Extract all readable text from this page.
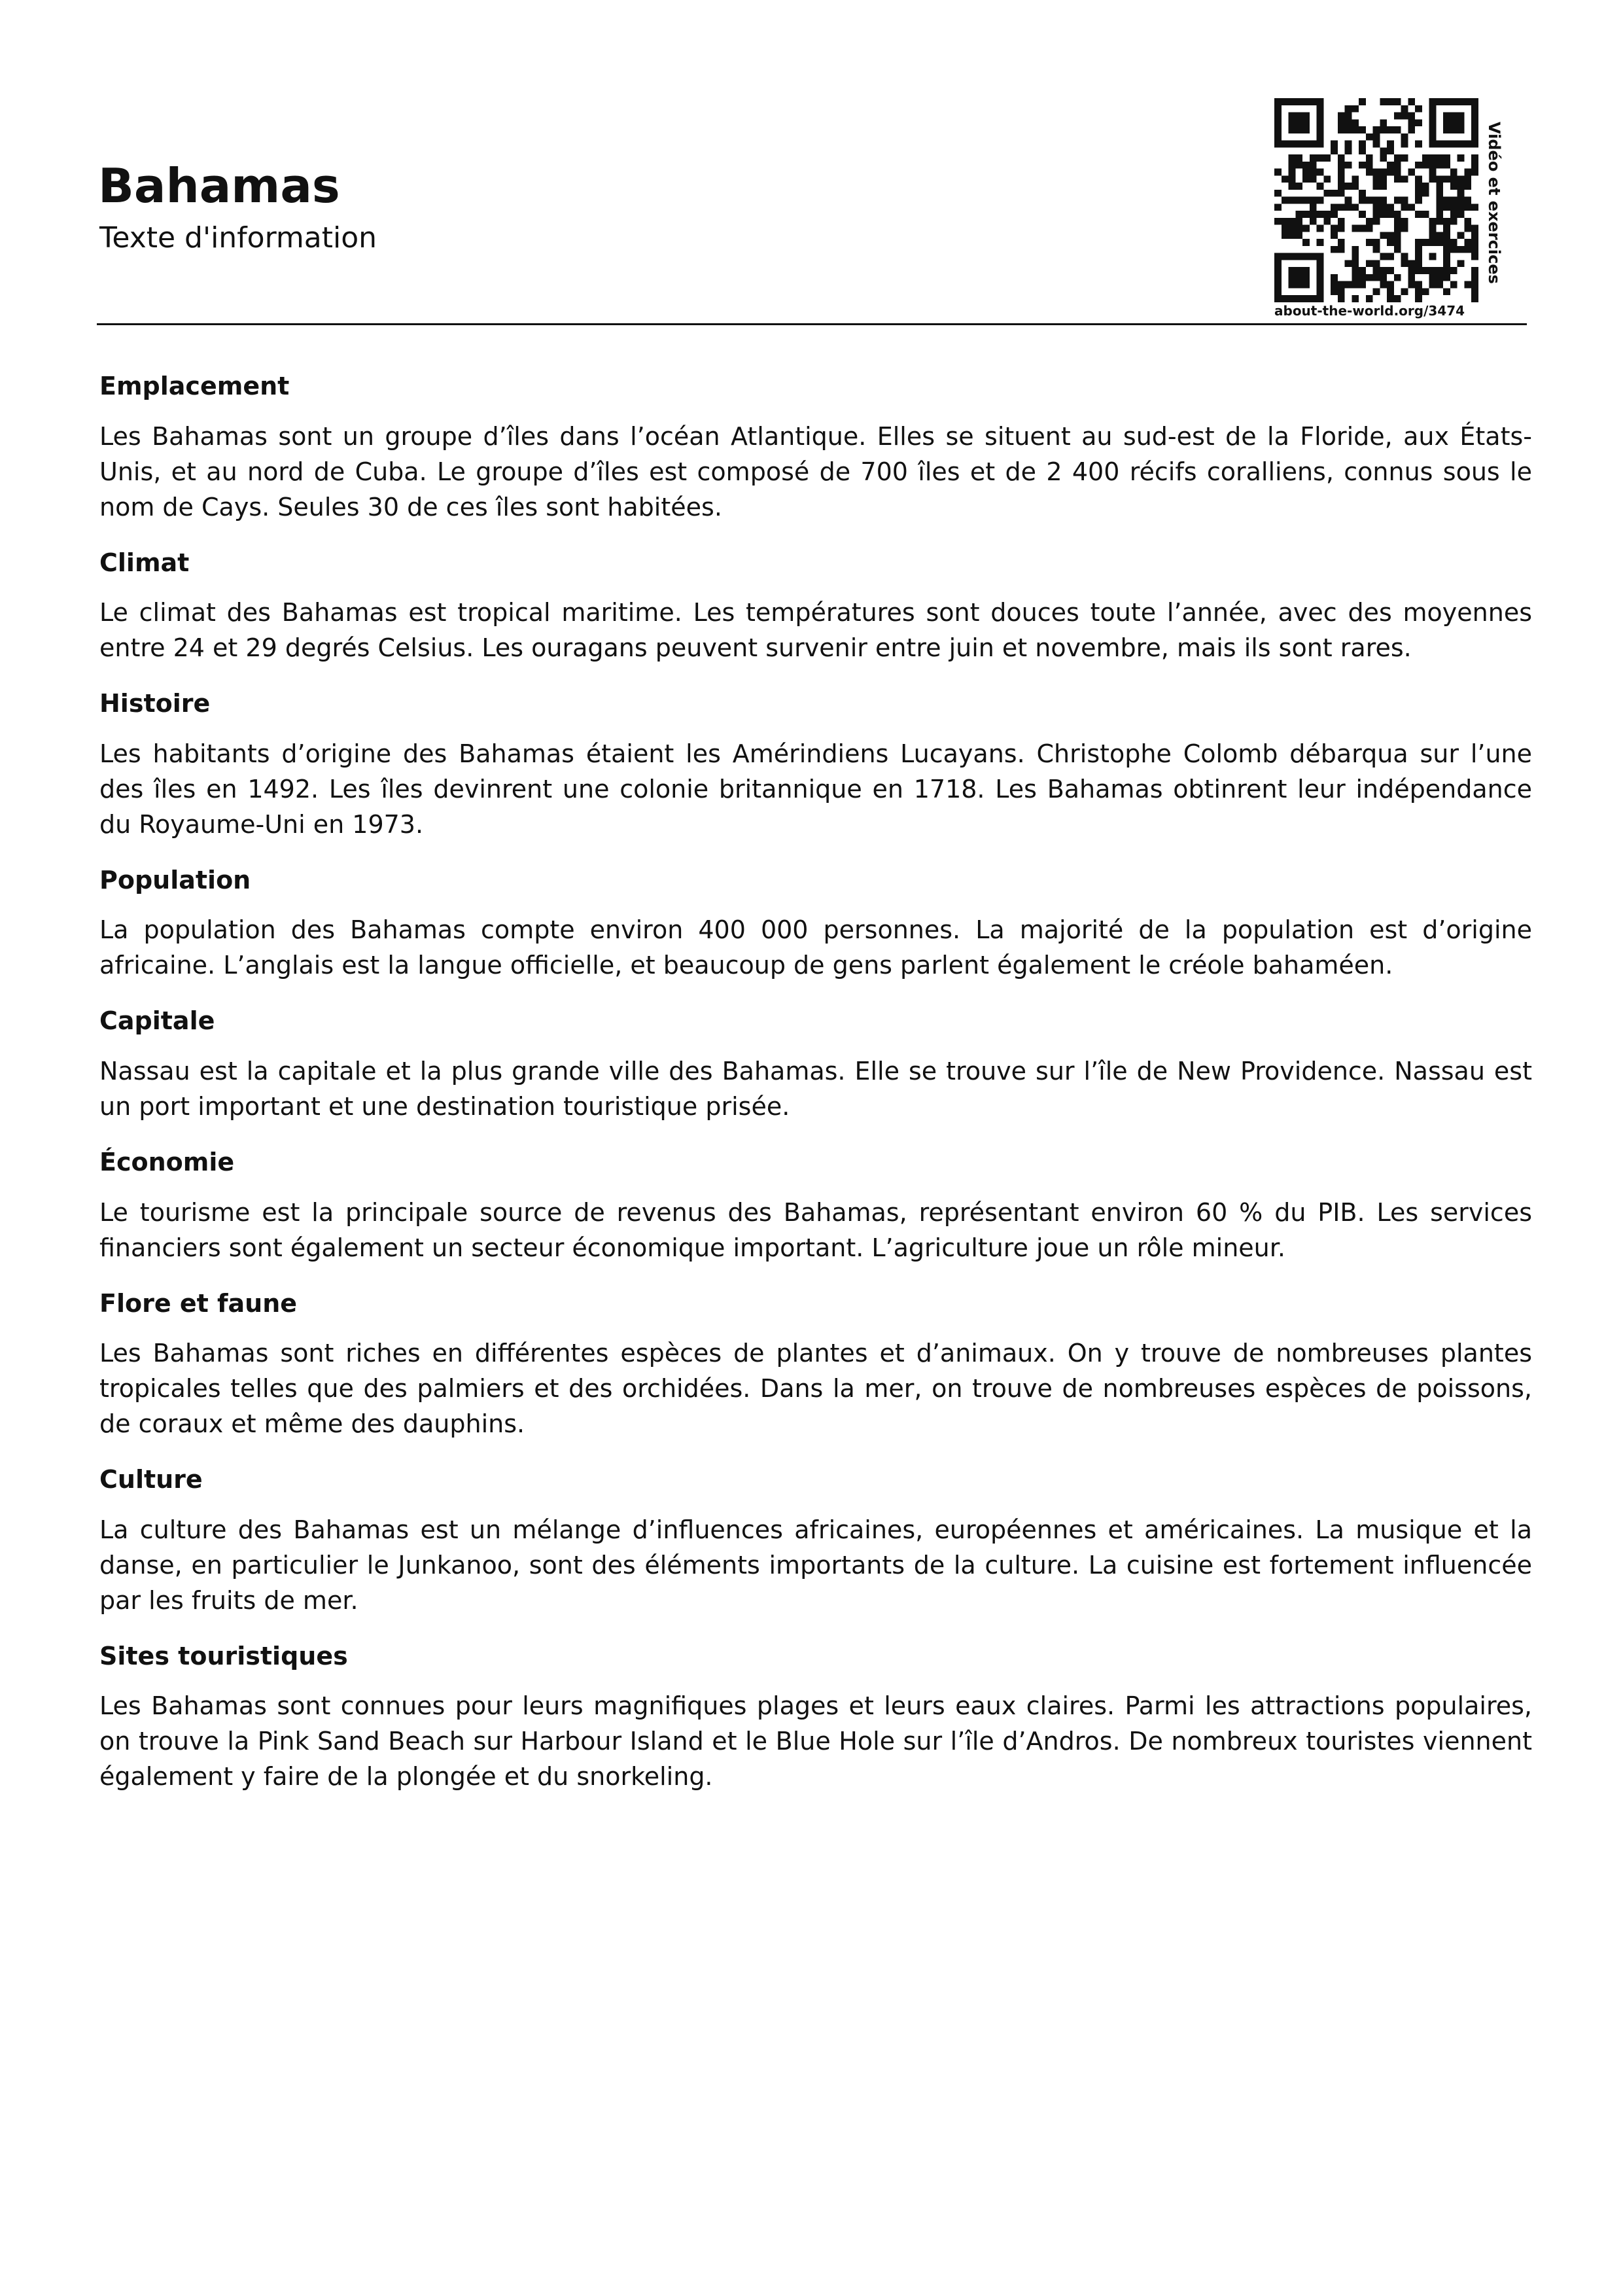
Bahamas
Texte d'information
about-the-world.org/3474
Vidéo et exercices
Emplacement

Les Bahamas sont un groupe d’îles dans l’océan Atlantique. Elles se situent au sud-est de la Floride, aux États-Unis, et au nord de Cuba. Le groupe d’îles est composé de 700 îles et de 2 400 récifs coralliens, connus sous le nom de Cays. Seules 30 de ces îles sont habitées.

Climat

Le climat des Bahamas est tropical maritime. Les températures sont douces toute l’année, avec des moyennes entre 24 et 29 degrés Celsius. Les ouragans peuvent survenir entre juin et novembre, mais ils sont rares.

Histoire

Les habitants d’origine des Bahamas étaient les Amérindiens Lucayans. Christophe Colomb débarqua sur l’une des îles en 1492. Les îles devinrent une colonie britannique en 1718. Les Bahamas obtinrent leur indépendance du Royaume-Uni en 1973.

Population

La population des Bahamas compte environ 400 000 personnes. La majorité de la population est d’origine africaine. L’anglais est la langue officielle, et beaucoup de gens parlent également le créole bahaméen.

Capitale

Nassau est la capitale et la plus grande ville des Bahamas. Elle se trouve sur l’île de New Providence. Nassau est un port important et une destination touristique prisée.

Économie

Le tourisme est la principale source de revenus des Bahamas, représentant environ 60 % du PIB. Les services financiers sont également un secteur économique important. L’agriculture joue un rôle mineur.

Flore et faune

Les Bahamas sont riches en différentes espèces de plantes et d’animaux. On y trouve de nombreuses plantes tropicales telles que des palmiers et des orchidées. Dans la mer, on trouve de nombreuses espèces de poissons, de coraux et même des dauphins.

Culture

La culture des Bahamas est un mélange d’influences africaines, européennes et américaines. La musique et la danse, en particulier le Junkanoo, sont des éléments importants de la culture. La cuisine est fortement influencée par les fruits de mer.

Sites touristiques

Les Bahamas sont connues pour leurs magnifiques plages et leurs eaux claires. Parmi les attractions populaires, on trouve la Pink Sand Beach sur Harbour Island et le Blue Hole sur l’île d’Andros. De nombreux touristes viennent également y faire de la plongée et du snorkeling.
